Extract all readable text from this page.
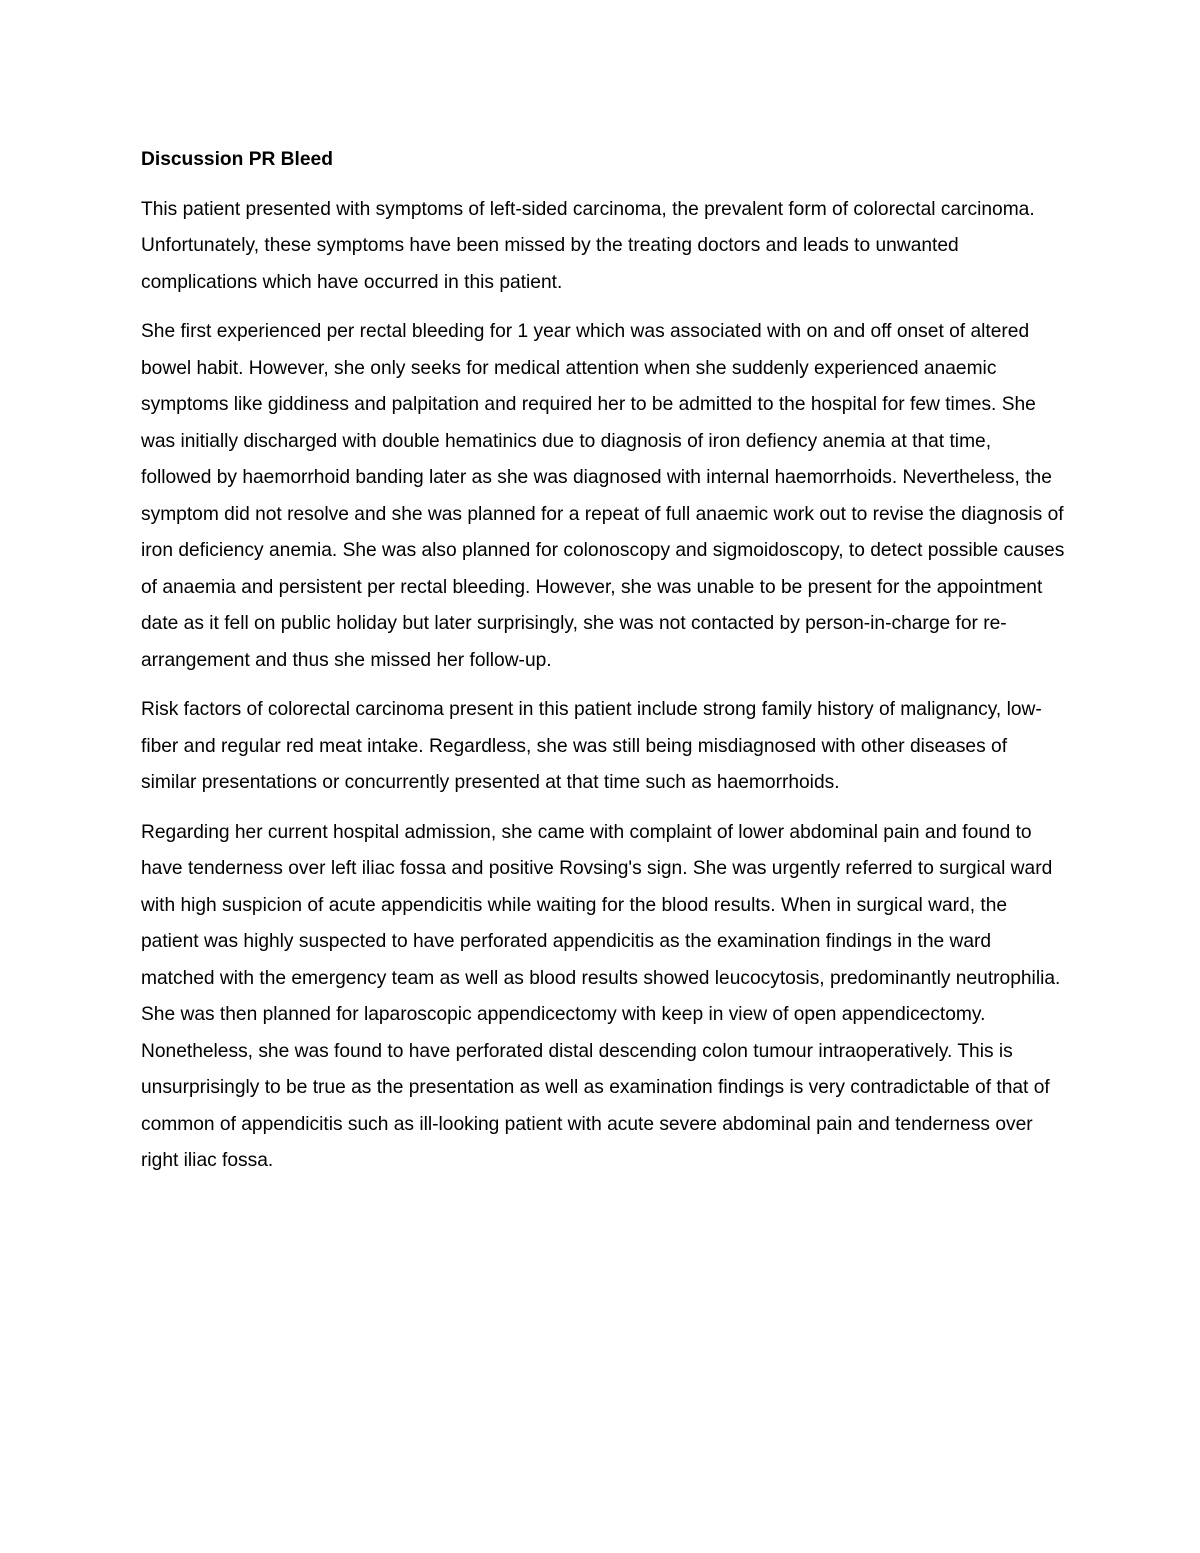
Discussion PR Bleed

This patient presented with symptoms of left-sided carcinoma, the prevalent form of colorectal carcinoma. Unfortunately, these symptoms have been missed by the treating doctors and leads to unwanted complications which have occurred in this patient.

She first experienced per rectal bleeding for 1 year which was associated with on and off onset of altered bowel habit. However, she only seeks for medical attention when she suddenly experienced anaemic symptoms like giddiness and palpitation and required her to be admitted to the hospital for few times. She was initially discharged with double hematinics due to diagnosis of iron defiency anemia at that time, followed by haemorrhoid banding later as she was diagnosed with internal haemorrhoids. Nevertheless, the symptom did not resolve and she was planned for a repeat of full anaemic work out to revise the diagnosis of iron deficiency anemia. She was also planned for colonoscopy and sigmoidoscopy, to detect possible causes of anaemia and persistent per rectal bleeding. However, she was unable to be present for the appointment date as it fell on public holiday but later surprisingly, she was not contacted by person-in-charge for re-arrangement and thus she missed her follow-up.

Risk factors of colorectal carcinoma present in this patient include strong family history of malignancy, low-fiber and regular red meat intake. Regardless, she was still being misdiagnosed with other diseases of similar presentations or concurrently presented at that time such as haemorrhoids.

Regarding her current hospital admission, she came with complaint of lower abdominal pain and found to have tenderness over left iliac fossa and positive Rovsing's sign. She was urgently referred to surgical ward with high suspicion of acute appendicitis while waiting for the blood results. When in surgical ward, the patient was highly suspected to have perforated appendicitis as the examination findings in the ward matched with the emergency team as well as blood results showed leucocytosis, predominantly neutrophilia. She was then planned for laparoscopic appendicectomy with keep in view of open appendicectomy. Nonetheless, she was found to have perforated distal descending colon tumour intraoperatively. This is unsurprisingly to be true as the presentation as well as examination findings is very contradictable of that of common of appendicitis such as ill-looking patient with acute severe abdominal pain and tenderness over right iliac fossa.
